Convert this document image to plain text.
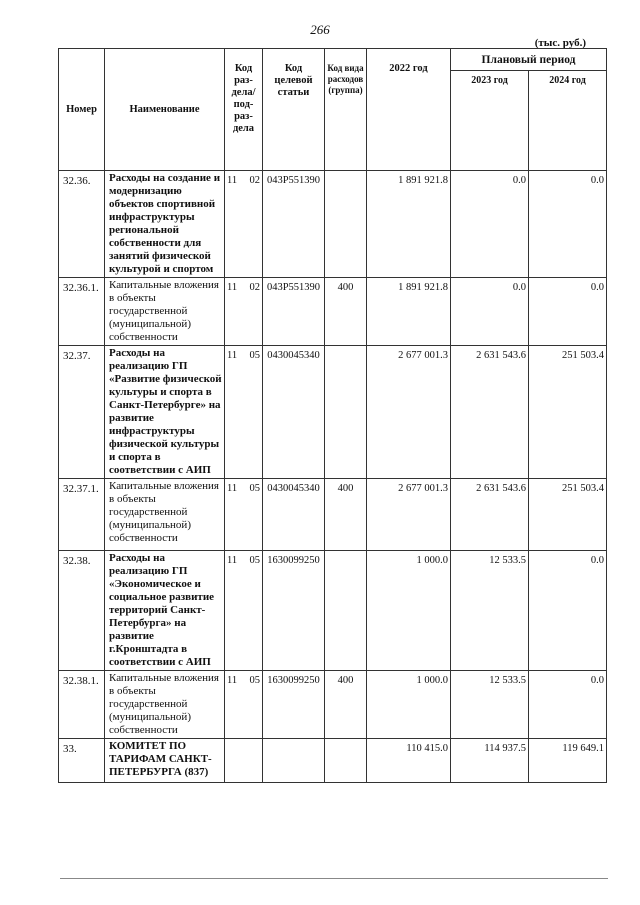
266
(тыс. руб.)
Номер	Наименование	Код раз-дела/ под-раз-дела	Код целевой статьи	Код вида расходов (группа)	2022 год	Плановый период	
						2023 год	2024 год
32.36.	Расходы на создание и модернизацию объектов спортивной инфраструктуры региональной собственности для занятий физической культурой и спортом	11 02	043P551390		1 891 921.8	0.0	0.0
32.36.1.	Капитальные вложения в объекты государственной (муниципальной) собственности	11 02	043P551390	400	1 891 921.8	0.0	0.0
32.37.	Расходы на реализацию ГП «Развитие физической культуры и спорта в Санкт-Петербурге» на развитие инфраструктуры физической культуры и спорта в соответствии с АИП	11 05	0430045340		2 677 001.3	2 631 543.6	251 503.4
32.37.1.	Капитальные вложения в объекты государственной (муниципальной) собственности	11 05	0430045340	400	2 677 001.3	2 631 543.6	251 503.4
32.38.	Расходы на реализацию ГП «Экономическое и социальное развитие территорий Санкт-Петербурга» на развитие г.Кронштадта в соответствии с АИП	11 05	1630099250		1 000.0	12 533.5	0.0
32.38.1.	Капитальные вложения в объекты государственной (муниципальной) собственности	11 05	1630099250	400	1 000.0	12 533.5	0.0
33.	КОМИТЕТ ПО ТАРИФАМ САНКТ-ПЕТЕРБУРГА (837)				110 415.0	114 937.5	119 649.1
